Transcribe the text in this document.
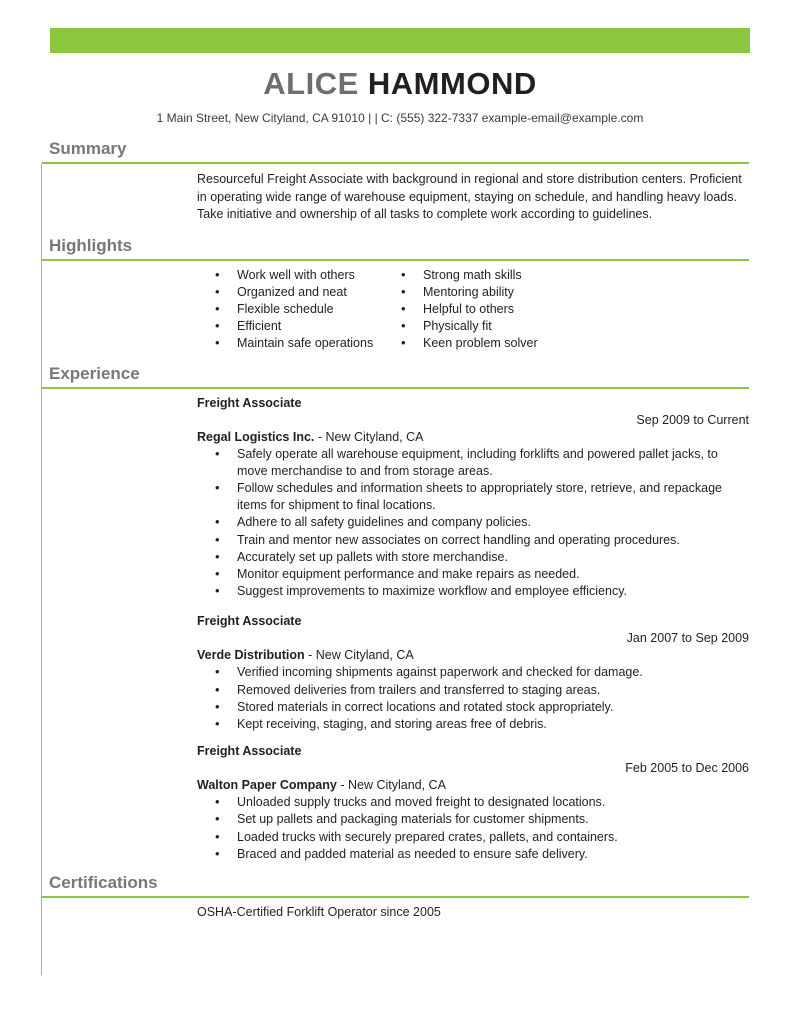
ALICE HAMMOND
1 Main Street, New Cityland, CA 91010 | | C: (555) 322-7337 example-email@example.com
Summary

Resourceful Freight Associate with background in regional and store distribution centers. Proficient in operating wide range of warehouse equipment, staying on schedule, and handling heavy loads. Take initiative and ownership of all tasks to complete work according to guidelines.

Highlights
• Work well with others
• Organized and neat
• Flexible schedule
• Efficient
• Maintain safe operations
• Strong math skills
• Mentoring ability
• Helpful to others
• Physically fit
• Keen problem solver
Experience
Freight Associate
Sep 2009 to Current
Regal Logistics Inc. - New Cityland, CA
• Safely operate all warehouse equipment, including forklifts and powered pallet jacks, to move merchandise to and from storage areas.
• Follow schedules and information sheets to appropriately store, retrieve, and repackage items for shipment to final locations.
• Adhere to all safety guidelines and company policies.
• Train and mentor new associates on correct handling and operating procedures.
• Accurately set up pallets with store merchandise.
• Monitor equipment performance and make repairs as needed.
• Suggest improvements to maximize workflow and employee efficiency.
Freight Associate
Jan 2007 to Sep 2009
Verde Distribution - New Cityland, CA
• Verified incoming shipments against paperwork and checked for damage.
• Removed deliveries from trailers and transferred to staging areas.
• Stored materials in correct locations and rotated stock appropriately.
• Kept receiving, staging, and storing areas free of debris.
Freight Associate
Feb 2005 to Dec 2006
Walton Paper Company - New Cityland, CA
• Unloaded supply trucks and moved freight to designated locations.
• Set up pallets and packaging materials for customer shipments.
• Loaded trucks with securely prepared crates, pallets, and containers.
• Braced and padded material as needed to ensure safe delivery.
Certifications
OSHA-Certified Forklift Operator since 2005
